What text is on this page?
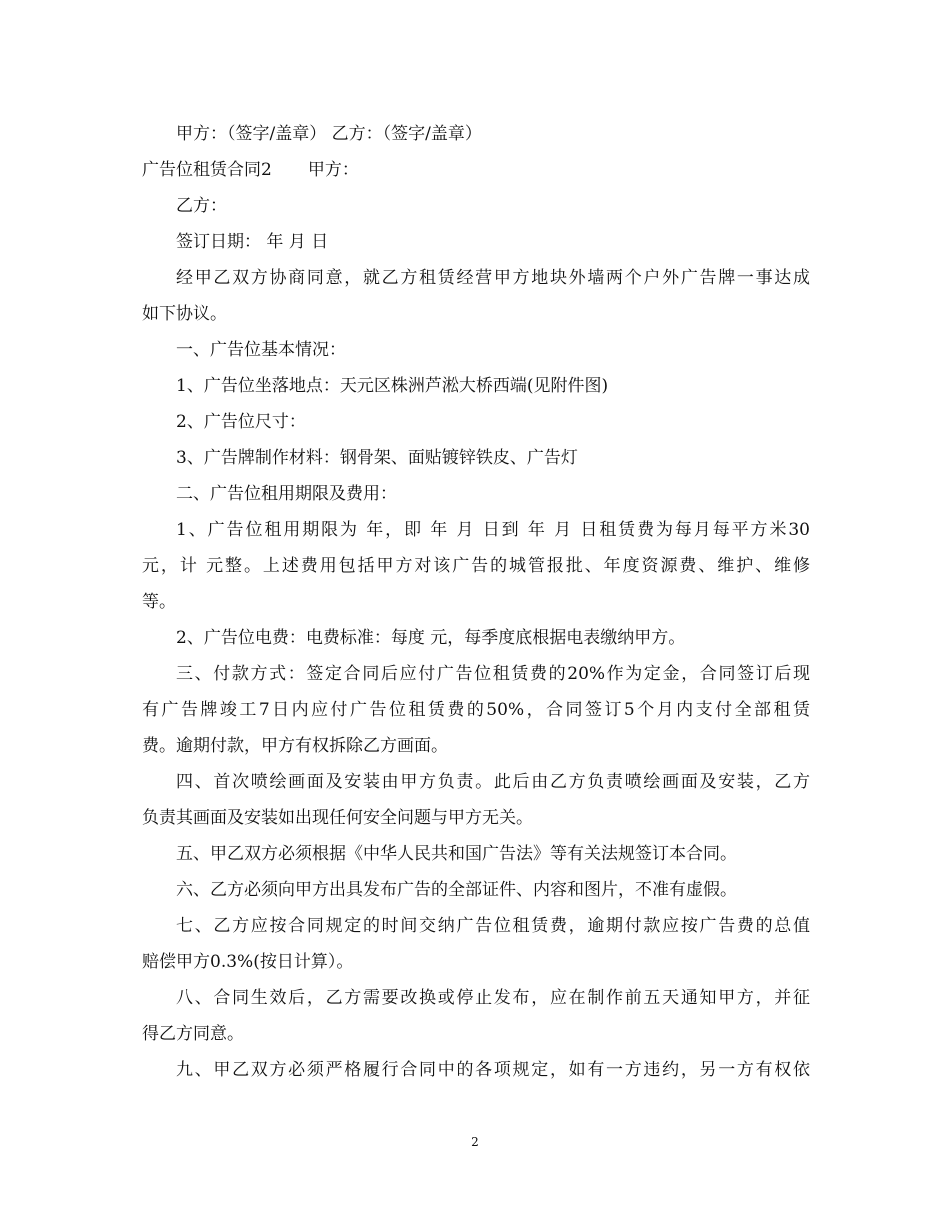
甲方：（签字/盖章） 乙方：（签字/盖章）

广告位租赁合同2 甲方：

乙方：

签订日期： 年 月 日

经甲乙双方协商同意，就乙方租赁经营甲方地块外墙两个户外广告牌一事达成

如下协议。

一、广告位基本情况：

1、广告位坐落地点：天元区株洲芦淞大桥西端(见附件图)

2、广告位尺寸：

3、广告牌制作材料：钢骨架、面贴镀锌铁皮、广告灯

二、广告位租用期限及费用：

1、广告位租用期限为 年，即 年 月 日到 年 月 日租赁费为每月每平方米30

元，计 元整。上述费用包括甲方对该广告的城管报批、年度资源费、维护、维修

等。

2、广告位电费：电费标准：每度 元，每季度底根据电表缴纳甲方。

三、付款方式：签定合同后应付广告位租赁费的20%作为定金，合同签订后现

有广告牌竣工7日内应付广告位租赁费的50%，合同签订5个月内支付全部租赁

费。逾期付款，甲方有权拆除乙方画面。

四、首次喷绘画面及安装由甲方负责。此后由乙方负责喷绘画面及安装，乙方

负责其画面及安装如出现任何安全问题与甲方无关。

五、甲乙双方必须根据《中华人民共和国广告法》等有关法规签订本合同。

六、乙方必须向甲方出具发布广告的全部证件、内容和图片，不准有虚假。

七、乙方应按合同规定的时间交纳广告位租赁费，逾期付款应按广告费的总值

赔偿甲方0.3%(按日计算）。

八、合同生效后，乙方需要改换或停止发布，应在制作前五天通知甲方，并征

得乙方同意。

九、甲乙双方必须严格履行合同中的各项规定，如有一方违约，另一方有权依

2
